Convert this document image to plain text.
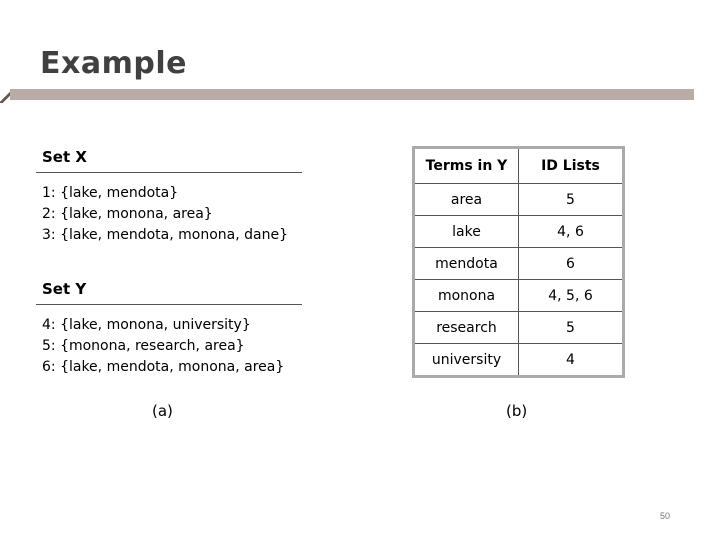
Example
Set X
1: {lake, mendota}
2: {lake, monona, area}
3: {lake, mendota, monona, dane}
Set Y
4: {lake, monona, university}
5: {monona, research, area}
6: {lake, mendota, monona, area}
(a)
Terms in Y	ID Lists
area	5
lake	4, 6
mendota	6
monona	4, 5, 6
research	5
university	4
(b)
50
